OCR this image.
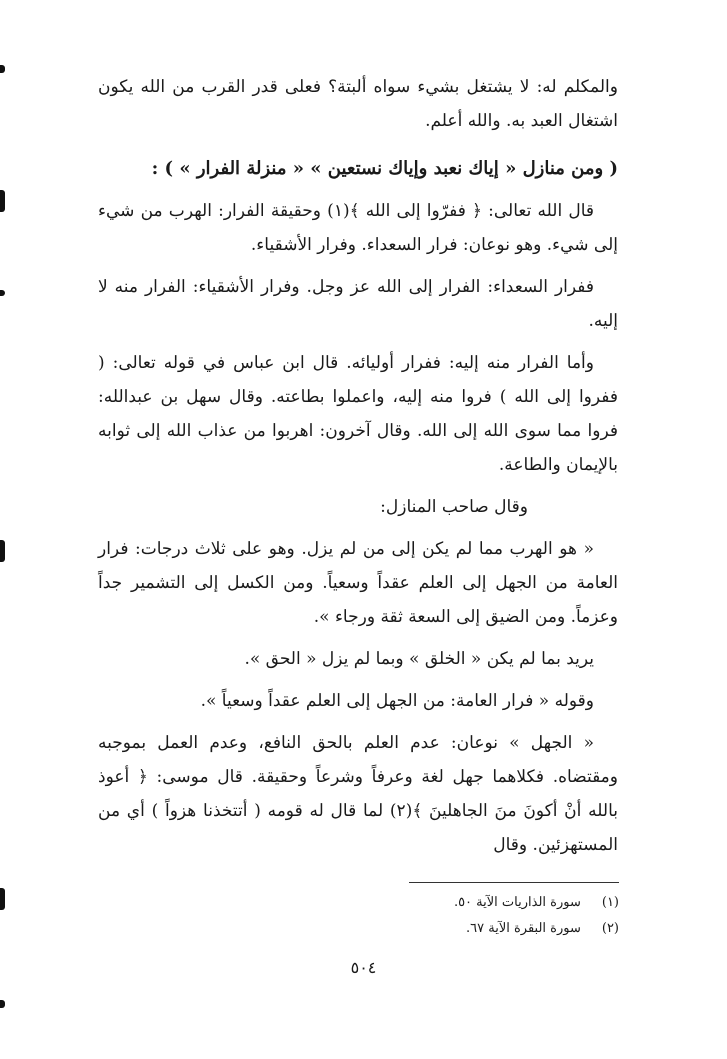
والمكلم له: لا يشتغل بشيء سواه ألبتة؟ فعلى قدر القرب من الله يكون اشتغال العبد به. والله أعلم.

( ومن منازل « إياك نعبد وإياك نستعين » « منزلة الفرار » ) :

قال الله تعالى: ﴿ ففرّوا إلى الله ﴾(١) وحقيقة الفرار: الهرب من شيء إلى شيء. وهو نوعان: فرار السعداء. وفرار الأشقياء.

ففرار السعداء: الفرار إلى الله عز وجل. وفرار الأشقياء: الفرار منه لا إليه.

وأما الفرار منه إليه: ففرار أوليائه. قال ابن عباس في قوله تعالى: ( ففروا إلى الله ) فروا منه إليه، واعملوا بطاعته. وقال سهل بن عبدالله: فروا مما سوى الله إلى الله. وقال آخرون: اهربوا من عذاب الله إلى ثوابه بالإيمان والطاعة.

وقال صاحب المنازل:

« هو الهرب مما لم يكن إلى من لم يزل. وهو على ثلاث درجات: فرار العامة من الجهل إلى العلم عقداً وسعياً. ومن الكسل إلى التشمير جداً وعزماً. ومن الضيق إلى السعة ثقة ورجاء ».

يريد بما لم يكن « الخلق » وبما لم يزل « الحق ».

وقوله « فرار العامة: من الجهل إلى العلم عقداً وسعياً ».

« الجهل » نوعان: عدم العلم بالحق النافع، وعدم العمل بموجبه ومقتضاه. فكلاهما جهل لغة وعرفاً وشرعاً وحقيقة. قال موسى: ﴿ أعوذ بالله أنْ أكونَ منَ الجاهلينَ ﴾(٢) لما قال له قومه ( أتتخذنا هزواً ) أي من المستهزئين. وقال

(١) سورة الذاريات الآية ٥٠.
(٢) سورة البقرة الآية ٦٧.
٥٠٤
